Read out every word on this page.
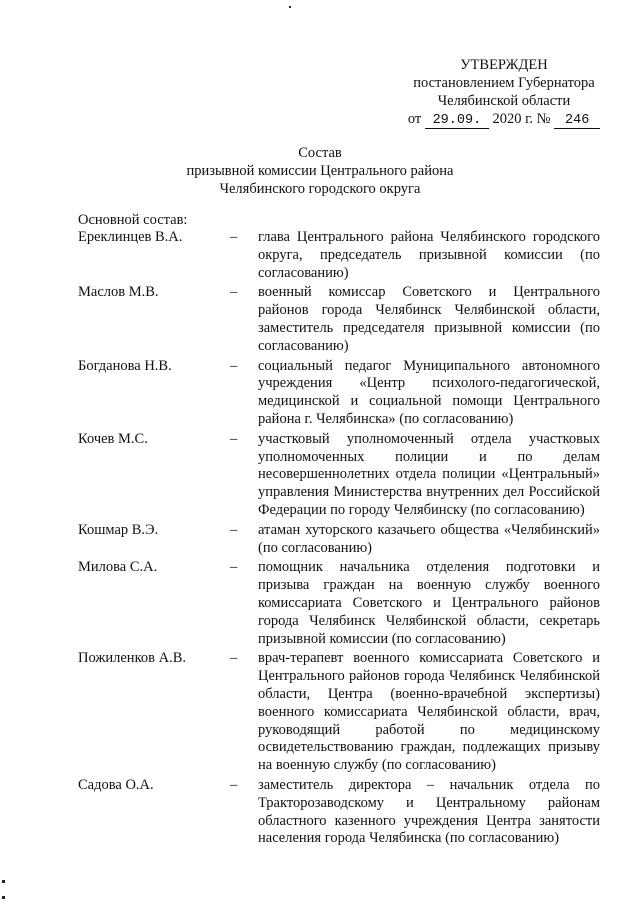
УТВЕРЖДЕН
постановлением Губернатора
Челябинской области
от 29.09. 2020 г. № 246
Состав
призывной комиссии Центрального района
Челябинского городского округа
Основной состав:
Ереклинцев В.А.	–	глава Центрального района Челябинского городского округа, председатель призывной комиссии (по согласованию)
Маслов М.В.	–	военный комиссар Советского и Центрального районов города Челябинск Челябинской области, заместитель председателя призывной комиссии (по согласованию)
Богданова Н.В.	–	социальный педагог Муниципального автономного учреждения «Центр психолого-педагогической, медицинской и социальной помощи Центрального района г. Челябинска» (по согласованию)
Кочев М.С.	–	участковый уполномоченный отдела участковых уполномоченных полиции и по делам несовершеннолетних отдела полиции «Центральный» управления Министерства внутренних дел Российской Федерации по городу Челябинску (по согласованию)
Кошмар В.Э.	–	атаман хуторского казачьего общества «Челябинский» (по согласованию)
Милова С.А.	–	помощник начальника отделения подготовки и призыва граждан на военную службу военного комиссариата Советского и Центрального районов города Челябинск Челябинской области, секретарь призывной комиссии (по согласованию)
Пожиленков А.В.	–	врач-терапевт военного комиссариата Советского и Центрального районов города Челябинск Челябинской области, Центра (военно-врачебной экспертизы) военного комиссариата Челябинской области, врач, руководящий работой по медицинскому освидетельствованию граждан, подлежащих призыву на военную службу (по согласованию)
Садова О.А.	–	заместитель директора – начальник отдела по Тракторозаводскому и Центральному районам областного казенного учреждения Центра занятости населения города Челябинска (по согласованию)
